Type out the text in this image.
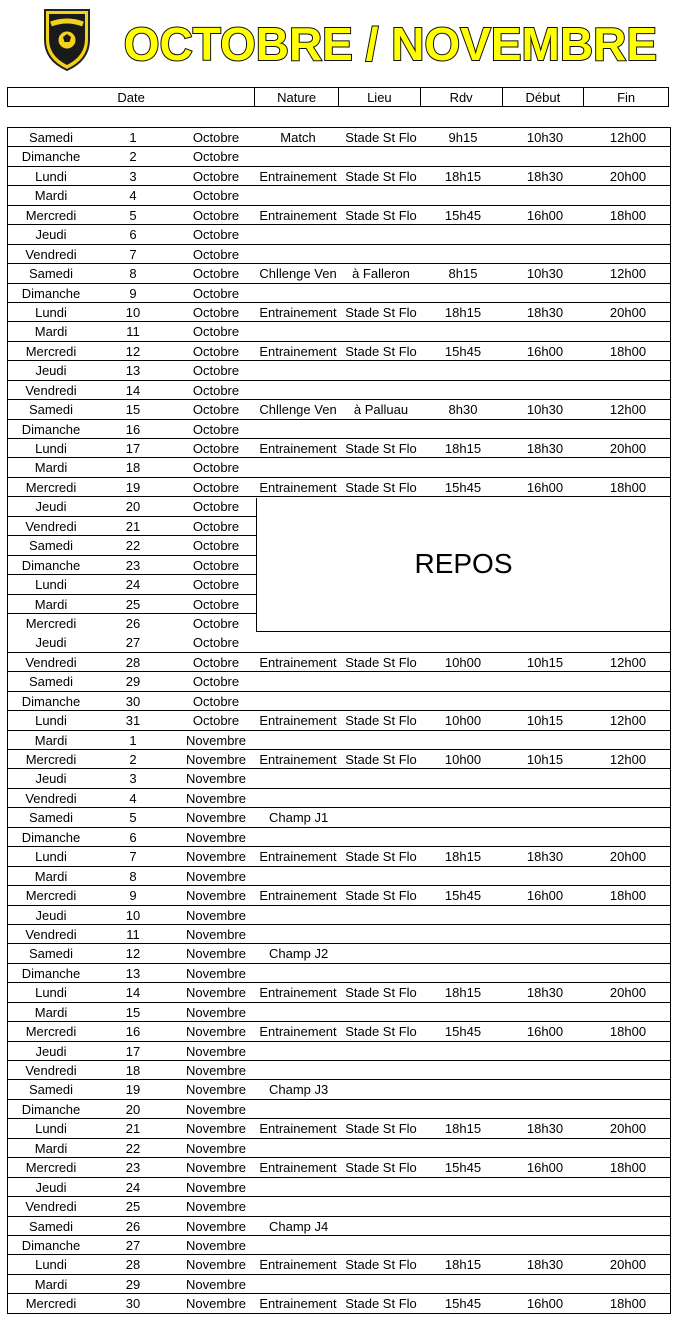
OCTOBRE / NOVEMBRE
Date	Nature	Lieu	Rdv	Début	Fin
Samedi	1	Octobre	Match	Stade St Flo	9h15	10h30	12h00
Dimanche	2	Octobre
Lundi	3	Octobre	Entrainement Stade St Flo	18h15	18h30	20h00
Mardi	4	Octobre
Mercredi	5	Octobre	Entrainement Stade St Flo	15h45	16h00	18h00
Jeudi	6	Octobre
Vendredi	7	Octobre
Samedi	8	Octobre	Chllenge Ven	à Falleron	8h15	10h30	12h00
Dimanche	9	Octobre
Lundi	10	Octobre	Entrainement Stade St Flo	18h15	18h30	20h00
Mardi	11	Octobre
Mercredi	12	Octobre	Entrainement Stade St Flo	15h45	16h00	18h00
Jeudi	13	Octobre
Vendredi	14	Octobre
Samedi	15	Octobre	Chllenge Ven	à Palluau	8h30	10h30	12h00
Dimanche	16	Octobre
Lundi	17	Octobre	Entrainement Stade St Flo	18h15	18h30	20h00
Mardi	18	Octobre
Mercredi	19	Octobre	Entrainement Stade St Flo	15h45	16h00	18h00
Jeudi	20	Octobre
Vendredi	21	Octobre
Samedi	22	Octobre
Dimanche	23	Octobre
Lundi	24	Octobre
Mardi	25	Octobre
Mercredi	26	Octobre
Jeudi	27	Octobre
Vendredi	28	Octobre	Entrainement Stade St Flo	10h00	10h15	12h00
Samedi	29	Octobre
Dimanche	30	Octobre
Lundi	31	Octobre	Entrainement Stade St Flo	10h00	10h15	12h00
Mardi	1	Novembre
Mercredi	2	Novembre	Entrainement Stade St Flo	10h00	10h15	12h00
Jeudi	3	Novembre
Vendredi	4	Novembre
Samedi	5	Novembre	Champ J1
Dimanche	6	Novembre
Lundi	7	Novembre	Entrainement Stade St Flo	18h15	18h30	20h00
Mardi	8	Novembre
Mercredi	9	Novembre	Entrainement Stade St Flo	15h45	16h00	18h00
Jeudi	10	Novembre
Vendredi	11	Novembre
Samedi	12	Novembre	Champ J2
Dimanche	13	Novembre
Lundi	14	Novembre	Entrainement Stade St Flo	18h15	18h30	20h00
Mardi	15	Novembre
Mercredi	16	Novembre	Entrainement Stade St Flo	15h45	16h00	18h00
Jeudi	17	Novembre
Vendredi	18	Novembre
Samedi	19	Novembre	Champ J3
Dimanche	20	Novembre
Lundi	21	Novembre	Entrainement Stade St Flo	18h15	18h30	20h00
Mardi	22	Novembre
Mercredi	23	Novembre	Entrainement Stade St Flo	15h45	16h00	18h00
Jeudi	24	Novembre
Vendredi	25	Novembre
Samedi	26	Novembre	Champ J4
Dimanche	27	Novembre
Lundi	28	Novembre	Entrainement Stade St Flo	18h15	18h30	20h00
Mardi	29	Novembre
Mercredi	30	Novembre	Entrainement Stade St Flo	15h45	16h00	18h00
REPOS
